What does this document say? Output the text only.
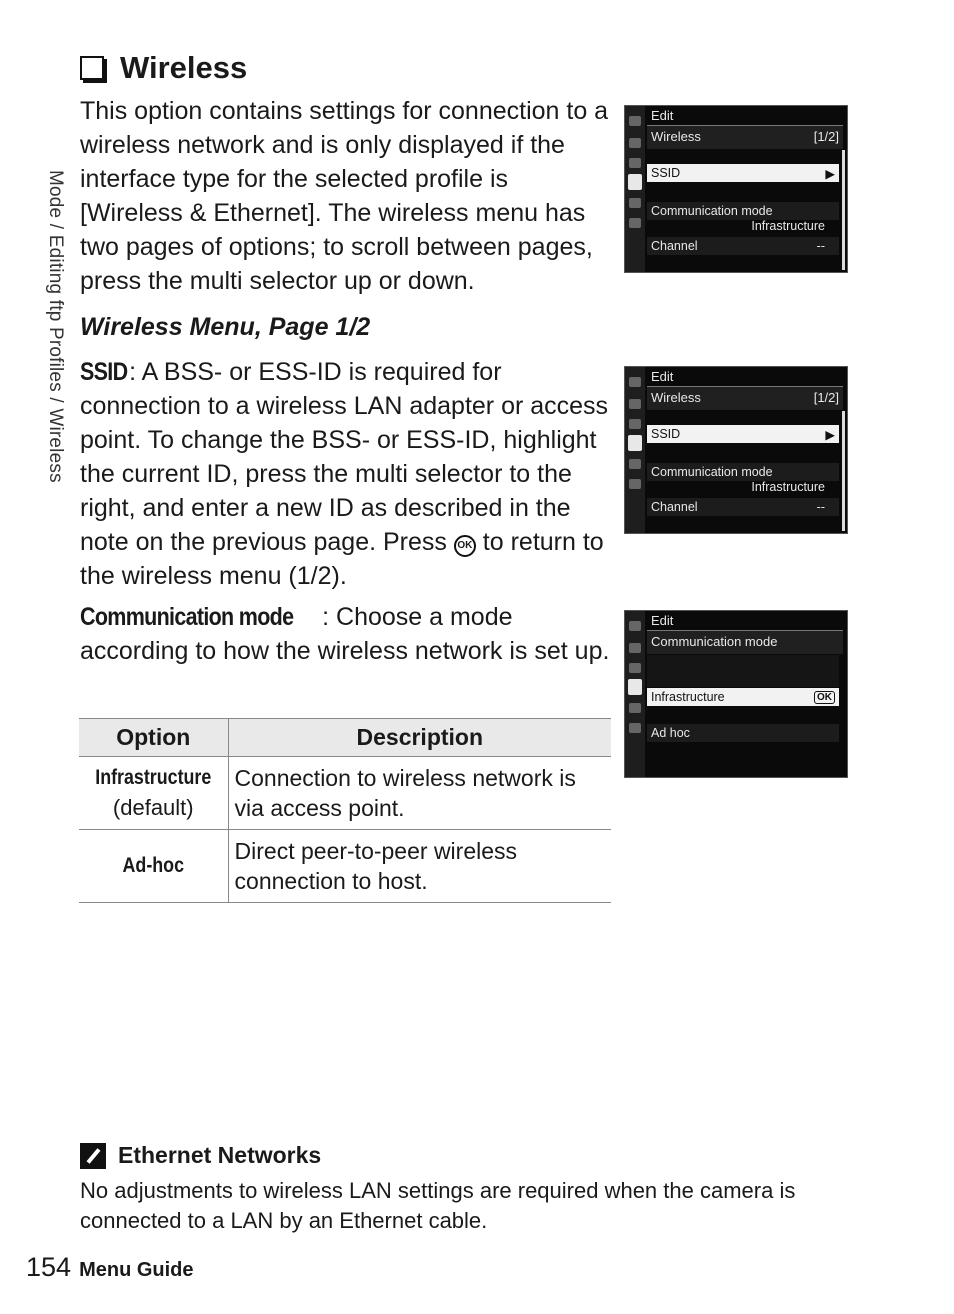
Mode / Editing ftp Profiles / Wireless
Wireless

This option contains settings for connection to a wireless network and is only displayed if the interface type for the selected profile is [Wireless & Ethernet]. The wireless menu has two pages of options; to scroll between pages, press the multi selector up or down.

Wireless Menu, Page 1/2

SSID: A BSS- or ESS-ID is required for connection to a wireless LAN adapter or access point. To change the BSS- or ESS-ID, highlight the current ID, press the multi selector to the right, and enter a new ID as described in the note on the previous page. Press OK to return to the wireless menu (1/2).

Communication mode : Choose a mode according to how the wireless network is set up.

Option	Description

Infrastructure
(default)	Connection to wireless network is via access point.

Ad-hoc	Direct peer-to-peer wireless connection to host.
Edit
Wireless	[1/2]
SSID	▶
Communication mode
Infrastructure
Channel	--
Edit
Wireless	[1/2]
SSID	▶
Communication mode
Infrastructure
Channel	--
Edit
Communication mode
Infrastructure	OK
Ad hoc
Ethernet Networks

No adjustments to wireless LAN settings are required when the camera is connected to a LAN by an Ethernet cable.

154 Menu Guide
